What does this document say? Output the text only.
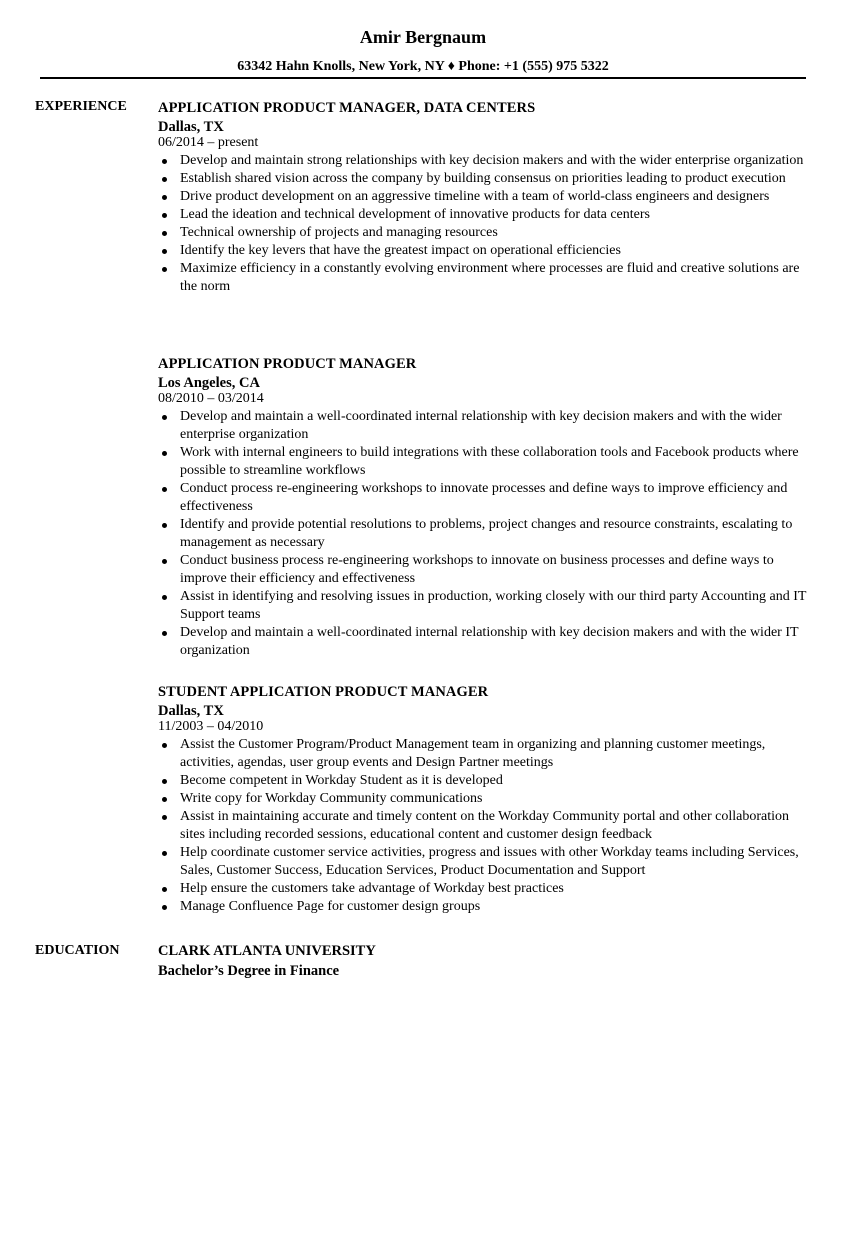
Amir Bergnaum
63342 Hahn Knolls, New York, NY ♦ Phone: +1 (555) 975 5322
EXPERIENCE APPLICATION PRODUCT MANAGER, DATA CENTERS
Dallas, TX
06/2014 – present
Develop and maintain strong relationships with key decision makers and with the wider enterprise organization
Establish shared vision across the company by building consensus on priorities leading to product execution
Drive product development on an aggressive timeline with a team of world-class engineers and designers
Lead the ideation and technical development of innovative products for data centers
Technical ownership of projects and managing resources
Identify the key levers that have the greatest impact on operational efficiencies
Maximize efficiency in a constantly evolving environment where processes are fluid and creative solutions are the norm
APPLICATION PRODUCT MANAGER
Los Angeles, CA
08/2010 – 03/2014
Develop and maintain a well-coordinated internal relationship with key decision makers and with the wider enterprise organization
Work with internal engineers to build integrations with these collaboration tools and Facebook products where possible to streamline workflows
Conduct process re-engineering workshops to innovate processes and define ways to improve efficiency and effectiveness
Identify and provide potential resolutions to problems, project changes and resource constraints, escalating to management as necessary
Conduct business process re-engineering workshops to innovate on business processes and define ways to improve their efficiency and effectiveness
Assist in identifying and resolving issues in production, working closely with our third party Accounting and IT Support teams
Develop and maintain a well-coordinated internal relationship with key decision makers and with the wider IT organization
STUDENT APPLICATION PRODUCT MANAGER
Dallas, TX
11/2003 – 04/2010
Assist the Customer Program/Product Management team in organizing and planning customer meetings, activities, agendas, user group events and Design Partner meetings
Become competent in Workday Student as it is developed
Write copy for Workday Community communications
Assist in maintaining accurate and timely content on the Workday Community portal and other collaboration sites including recorded sessions, educational content and customer design feedback
Help coordinate customer service activities, progress and issues with other Workday teams including Services, Sales, Customer Success, Education Services, Product Documentation and Support
Help ensure the customers take advantage of Workday best practices
Manage Confluence Page for customer design groups
EDUCATION	CLARK ATLANTA UNIVERSITY
Bachelor’s Degree in Finance
